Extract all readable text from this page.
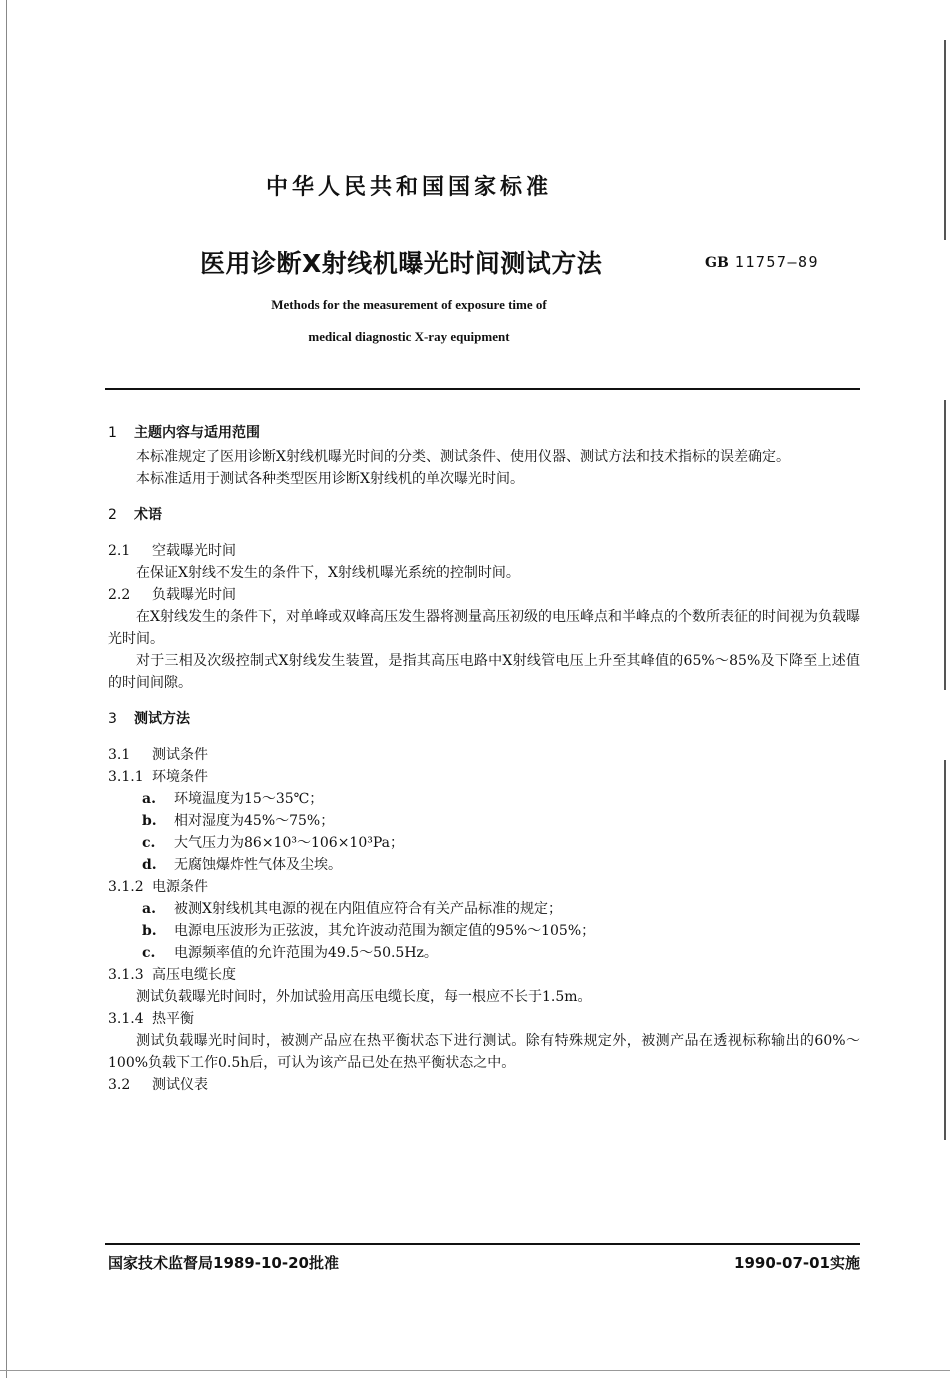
中华人民共和国国家标准
医用诊断X射线机曝光时间测试方法	GB 11757—89
Methods for the measurement of exposure time of
medical diagnostic X-ray equipment

1 主题内容与适用范围

本标准规定了医用诊断X射线机曝光时间的分类、测试条件、使用仪器、测试方法和技术指标的误差确定。

本标准适用于测试各种类型医用诊断X射线机的单次曝光时间。

2 术语

2.1 空载曝光时间

在保证X射线不发生的条件下，X射线机曝光系统的控制时间。

2.2 负载曝光时间

在X射线发生的条件下，对单峰或双峰高压发生器将测量高压初级的电压峰点和半峰点的个数所表征的时间视为负载曝光时间。

对于三相及次级控制式X射线发生装置，是指其高压电路中X射线管电压上升至其峰值的65%～85%及下降至上述值的时间间隙。

3 测试方法

3.1 测试条件

3.1.1 环境条件

a. 环境温度为15～35℃；

b. 相对湿度为45%～75%；

c. 大气压力为86×10³～106×10³Pa；

d. 无腐蚀爆炸性气体及尘埃。

3.1.2 电源条件

a. 被测X射线机其电源的视在内阻值应符合有关产品标准的规定；

b. 电源电压波形为正弦波，其允许波动范围为额定值的95%～105%；

c. 电源频率值的允许范围为49.5～50.5Hz。

3.1.3 高压电缆长度

测试负载曝光时间时，外加试验用高压电缆长度，每一根应不长于1.5m。

3.1.4 热平衡

测试负载曝光时间时，被测产品应在热平衡状态下进行测试。除有特殊规定外，被测产品在透视标称输出的60%～100%负载下工作0.5h后，可认为该产品已处在热平衡状态之中。

3.2 测试仪表

国家技术监督局1989-10-20批准	1990-07-01实施
